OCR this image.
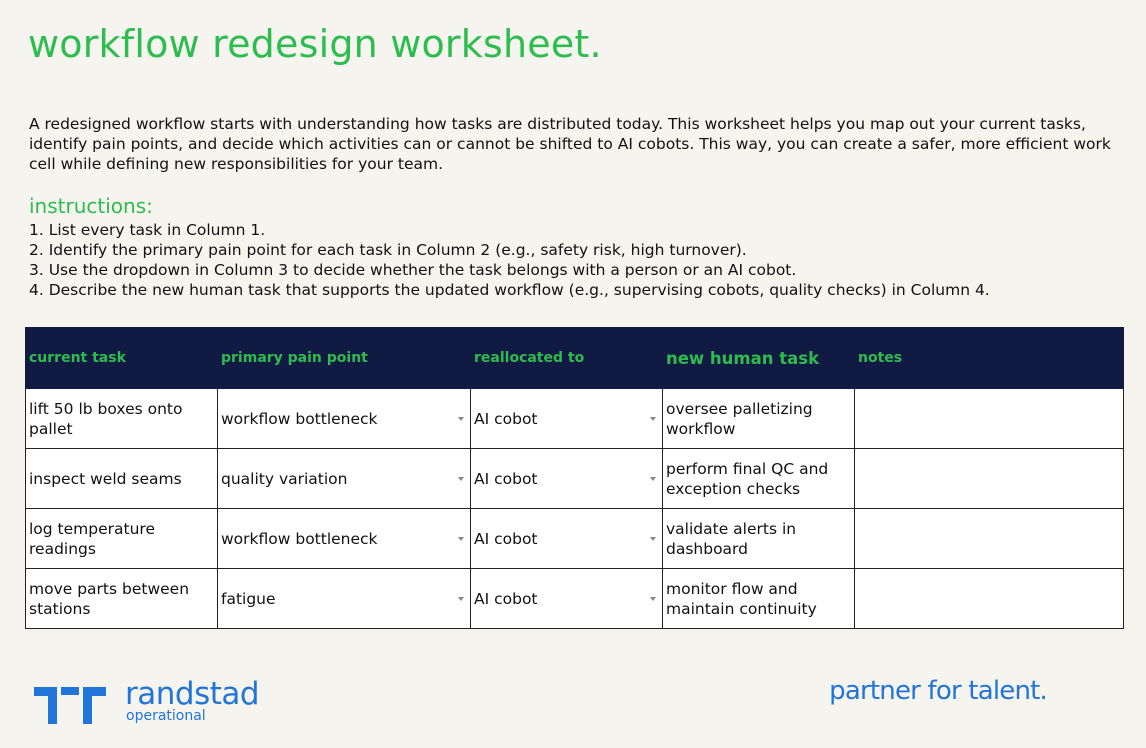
workflow redesign worksheet.

A redesigned workflow starts with understanding how tasks are distributed today. This worksheet helps you map out your current tasks, identify pain points, and decide which activities can or cannot be shifted to AI cobots. This way, you can create a safer, more efficient work cell while defining new responsibilities for your team.

instructions:
1. List every task in Column 1.
2. Identify the primary pain point for each task in Column 2 (e.g., safety risk, high turnover).
3. Use the dropdown in Column 3 to decide whether the task belongs with a person or an AI cobot.
4. Describe the new human task that supports the updated workflow (e.g., supervising cobots, quality checks) in Column 4.
current task	primary pain point	reallocated to	new human task	notes
lift 50 lb boxes onto pallet	workflow bottleneck	AI cobot	oversee palletizing workflow	
inspect weld seams	quality variation	AI cobot	perform final QC and exception checks	
log temperature readings	workflow bottleneck	AI cobot	validate alerts in dashboard	
move parts between stations	fatigue	AI cobot	monitor flow and maintain continuity	
randstad
operational
partner for talent.
